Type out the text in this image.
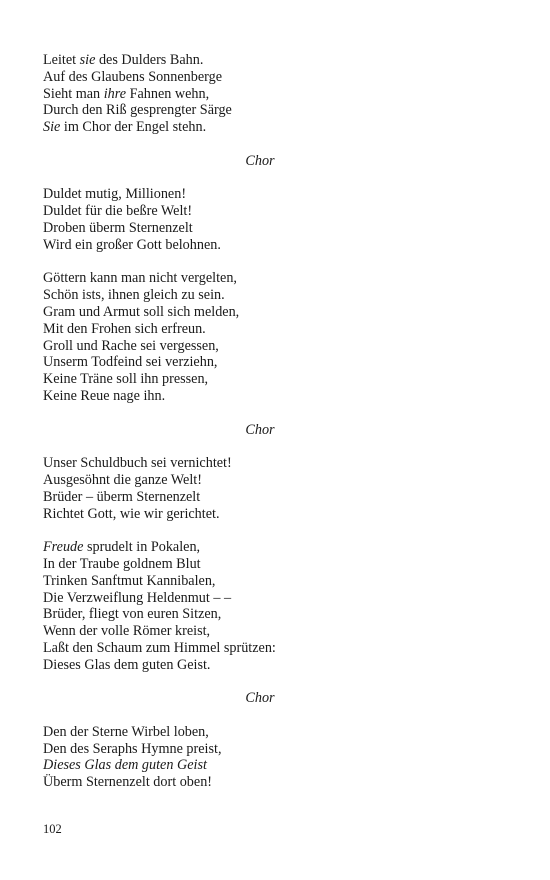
Leitet sie des Dulders Bahn.
Auf des Glaubens Sonnenberge
Sieht man ihre Fahnen wehn,
Durch den Riß gesprengter Särge
Sie im Chor der Engel stehn.
Chor
Duldet mutig, Millionen!
Duldet für die beßre Welt!
Droben überm Sternenzelt
Wird ein großer Gott belohnen.
Göttern kann man nicht vergelten,
Schön ists, ihnen gleich zu sein.
Gram und Armut soll sich melden,
Mit den Frohen sich erfreun.
Groll und Rache sei vergessen,
Unserm Todfeind sei verziehn,
Keine Träne soll ihn pressen,
Keine Reue nage ihn.
Chor
Unser Schuldbuch sei vernichtet!
Ausgesöhnt die ganze Welt!
Brüder – überm Sternenzelt
Richtet Gott, wie wir gerichtet.
Freude sprudelt in Pokalen,
In der Traube goldnem Blut
Trinken Sanftmut Kannibalen,
Die Verzweiflung Heldenmut – –
Brüder, fliegt von euren Sitzen,
Wenn der volle Römer kreist,
Laßt den Schaum zum Himmel sprützen:
Dieses Glas dem guten Geist.
Chor
Den der Sterne Wirbel loben,
Den des Seraphs Hymne preist,
Dieses Glas dem guten Geist
Überm Sternenzelt dort oben!
102
